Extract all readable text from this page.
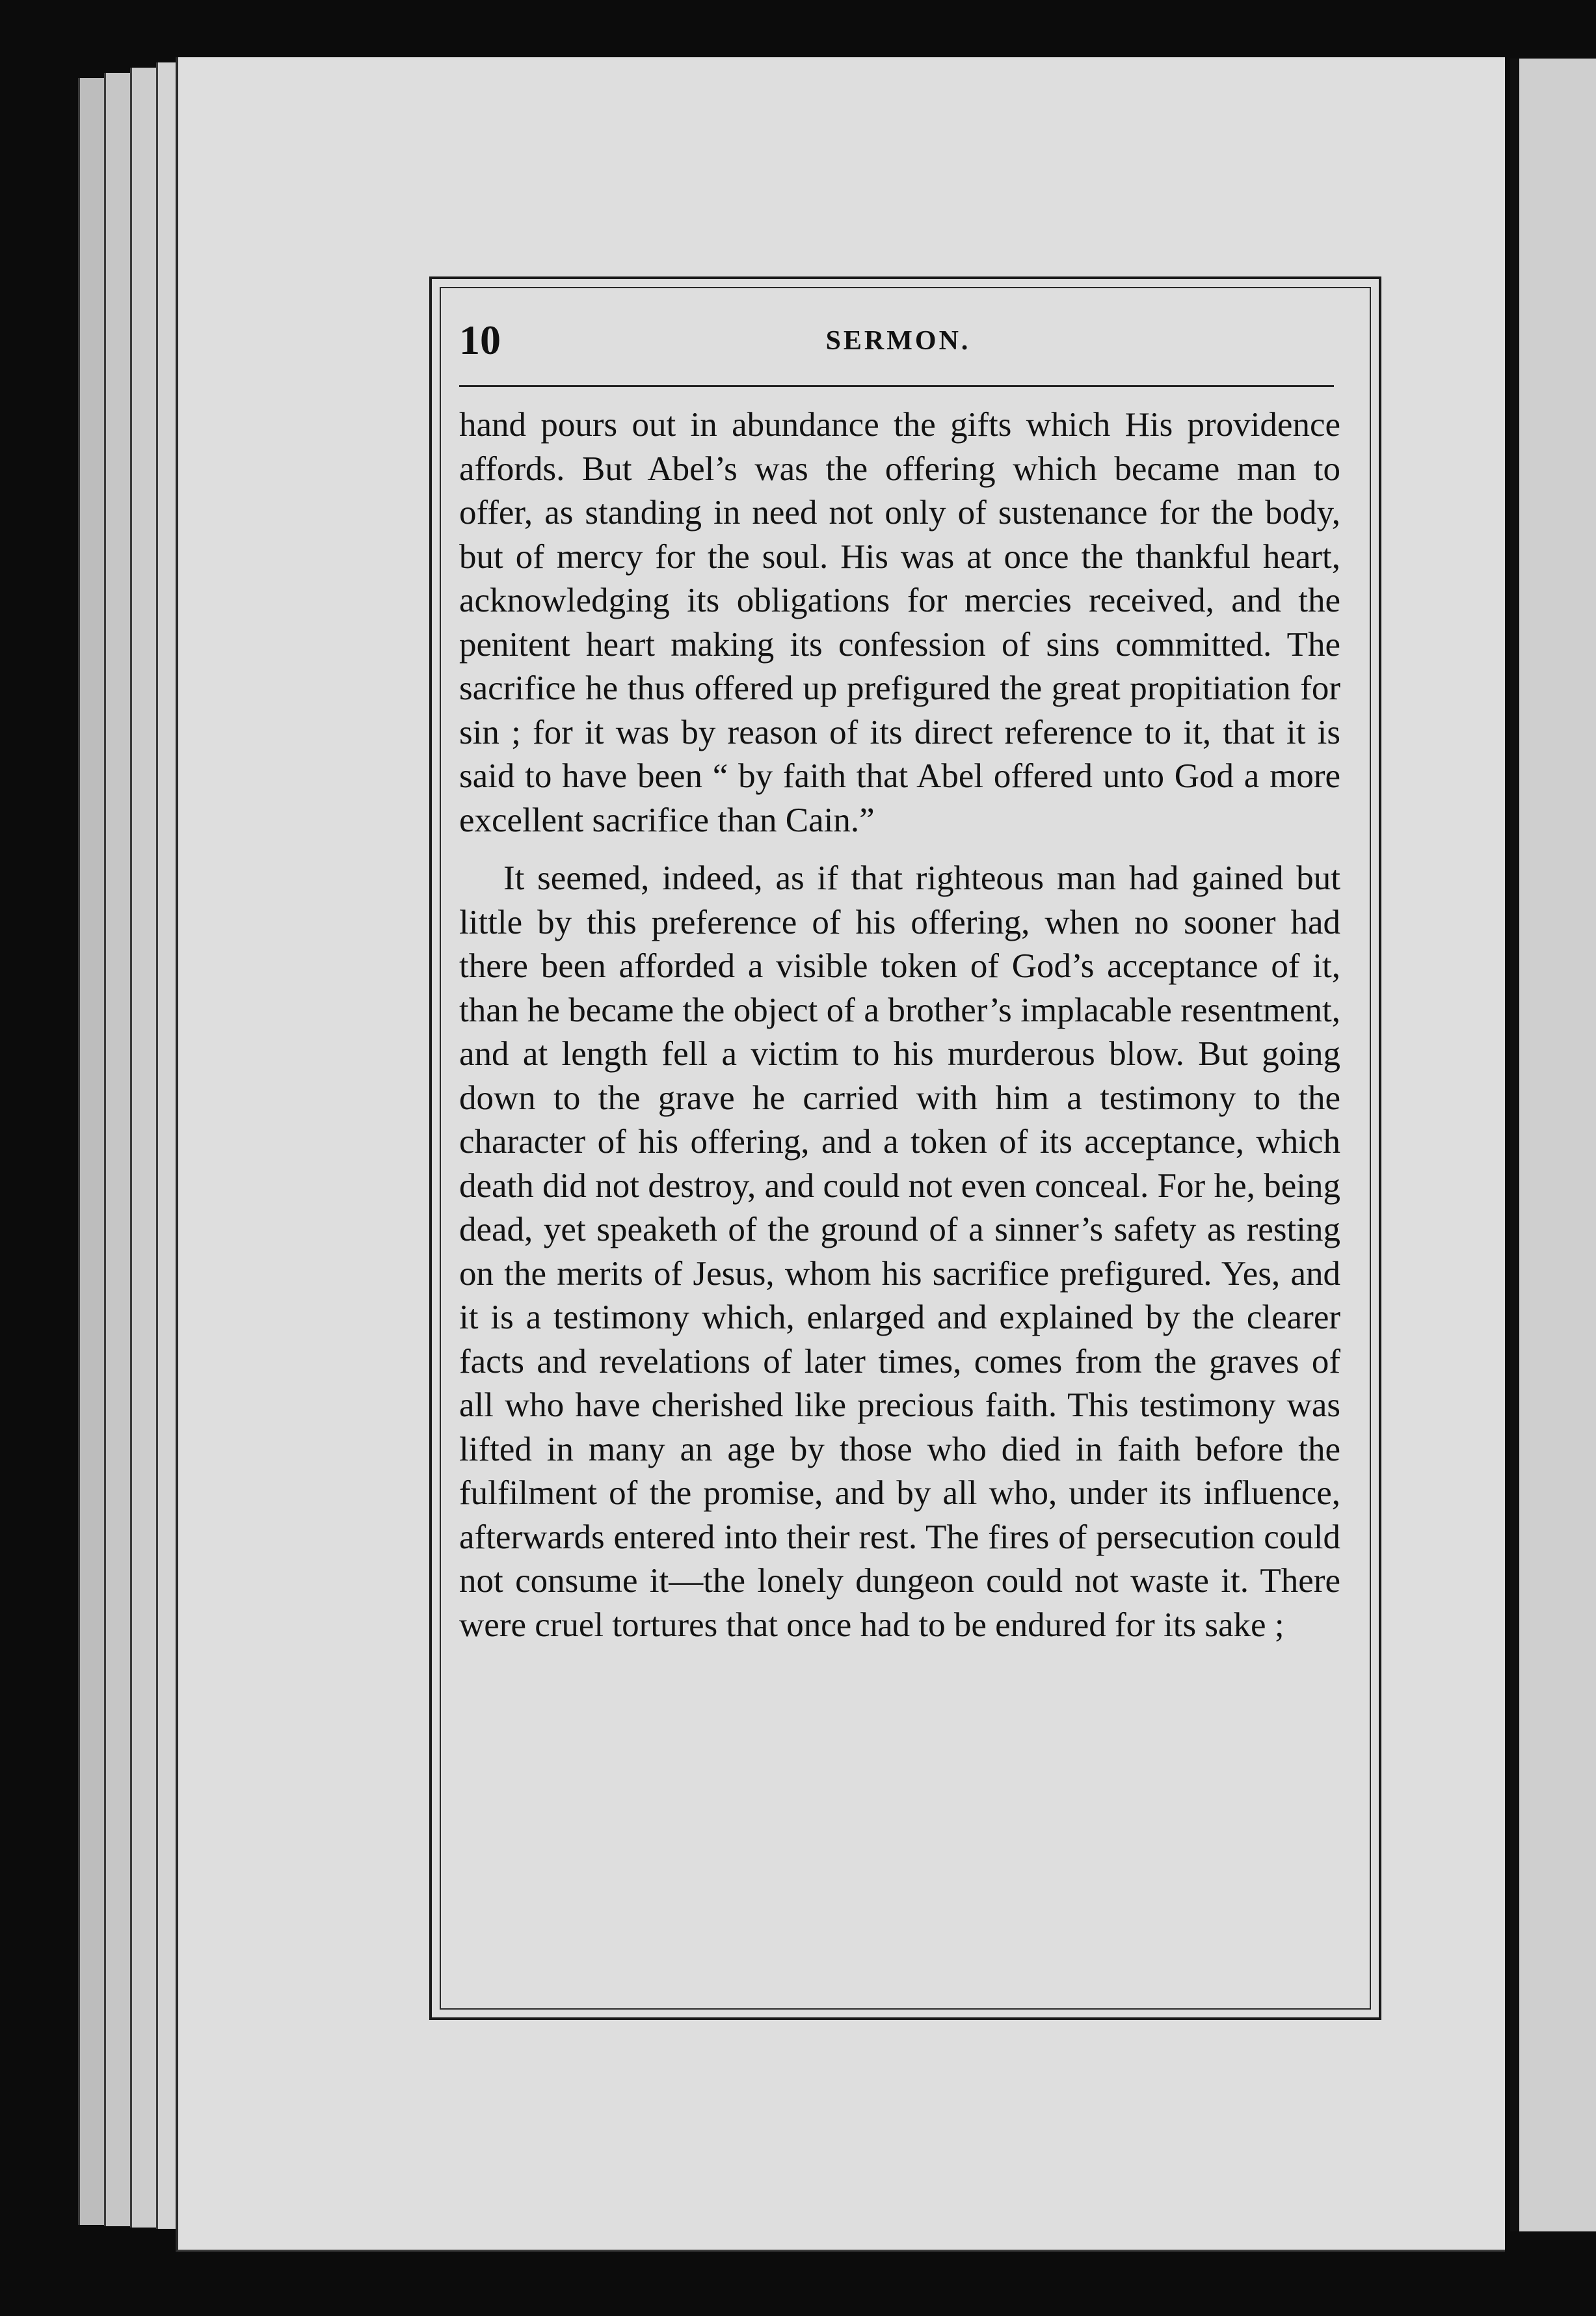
10	SERMON.

hand pours out in abundance the gifts which His providence affords. But Abel’s was the offering which became man to offer, as standing in need not only of sustenance for the body, but of mercy for the soul. His was at once the thankful heart, acknowledging its obligations for mercies received, and the penitent heart making its confession of sins committed. The sacrifice he thus offered up prefigured the great propitiation for sin ; for it was by reason of its direct reference to it, that it is said to have been “ by faith that Abel offered unto God a more excellent sacrifice than Cain.”

It seemed, indeed, as if that righteous man had gained but little by this preference of his offering, when no sooner had there been afforded a visible token of God’s acceptance of it, than he became the object of a brother’s implacable resentment, and at length fell a victim to his murderous blow. But going down to the grave he carried with him a testimony to the character of his offering, and a token of its acceptance, which death did not destroy, and could not even conceal. For he, being dead, yet speaketh of the ground of a sinner’s safety as resting on the merits of Jesus, whom his sacrifice prefigured. Yes, and it is a testimony which, enlarged and explained by the clearer facts and revelations of later times, comes from the graves of all who have cherished like precious faith. This testimony was lifted in many an age by those who died in faith before the fulfilment of the promise, and by all who, under its influence, afterwards entered into their rest. The fires of persecution could not consume it—the lonely dungeon could not waste it. There were cruel tortures that once had to be endured for its sake ;
